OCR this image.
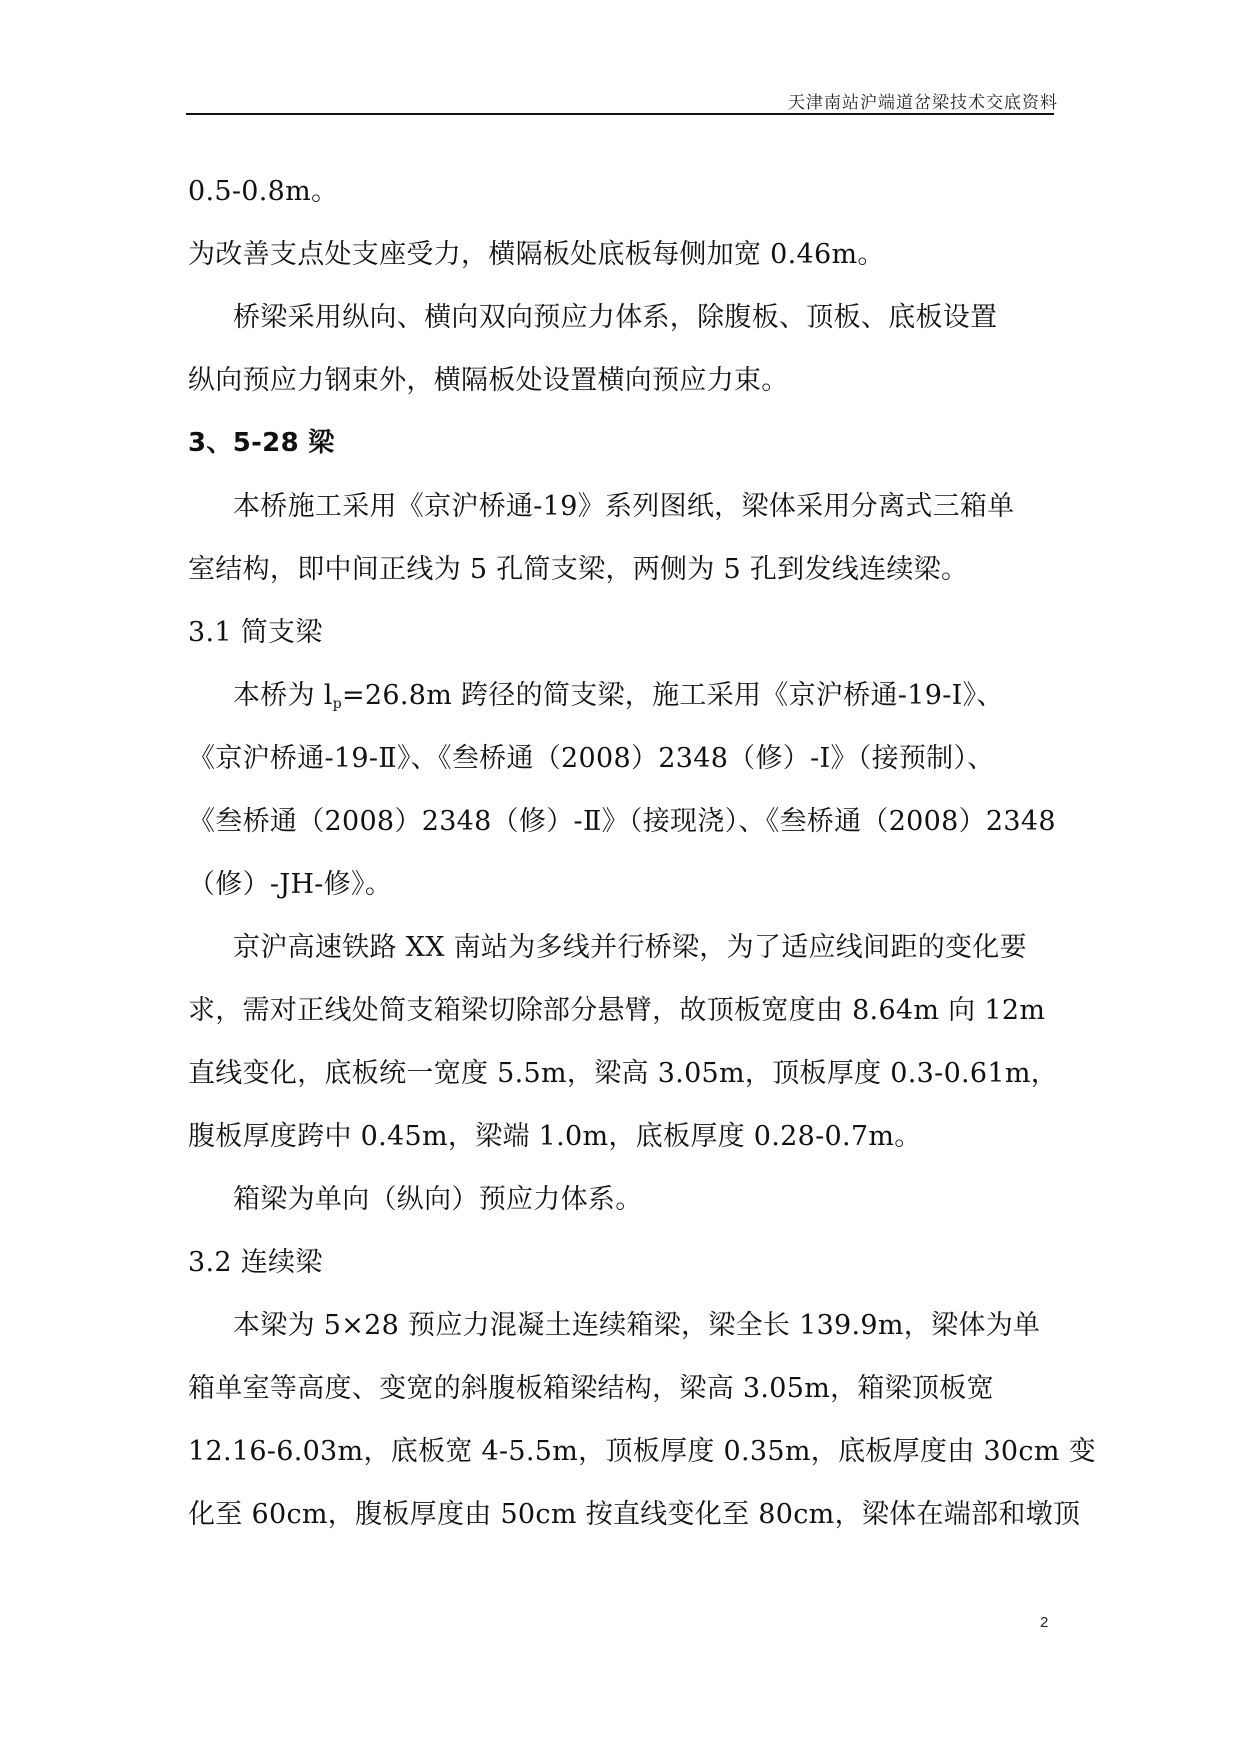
天津南站沪端道岔梁技术交底资料
0.5-0.8m。
为改善支点处支座受力，横隔板处底板每侧加宽 0.46m。
桥梁采用纵向、横向双向预应力体系，除腹板、顶板、底板设置
纵向预应力钢束外，横隔板处设置横向预应力束。
3、5-28 梁
本桥施工采用《京沪桥通-19》系列图纸，梁体采用分离式三箱单
室结构，即中间正线为 5 孔简支梁，两侧为 5 孔到发线连续梁。
3.1 简支梁
本桥为 $l_p=26.8m$ 跨径的简支梁，施工采用《京沪桥通-19-Ⅰ》、
《京沪桥通-19-Ⅱ》、《叁桥通（2008）2348（修）-Ⅰ》（接预制）、
《叁桥通（2008）2348（修）-Ⅱ》（接现浇）、《叁桥通（2008）2348
（修）-JH-修》。
京沪高速铁路 XX 南站为多线并行桥梁，为了适应线间距的变化要
求，需对正线处简支箱梁切除部分悬臂，故顶板宽度由 8.64m 向 12m
直线变化，底板统一宽度 5.5m，梁高 3.05m，顶板厚度 0.3-0.61m，
腹板厚度跨中 0.45m，梁端 1.0m，底板厚度 0.28-0.7m。
箱梁为单向（纵向）预应力体系。
3.2 连续梁
本梁为 5×28 预应力混凝土连续箱梁，梁全长 139.9m，梁体为单
箱单室等高度、变宽的斜腹板箱梁结构，梁高 3.05m，箱梁顶板宽
12.16-6.03m，底板宽 4-5.5m，顶板厚度 0.35m，底板厚度由 30cm 变
化至 60cm，腹板厚度由 50cm 按直线变化至 80cm，梁体在端部和墩顶
2
